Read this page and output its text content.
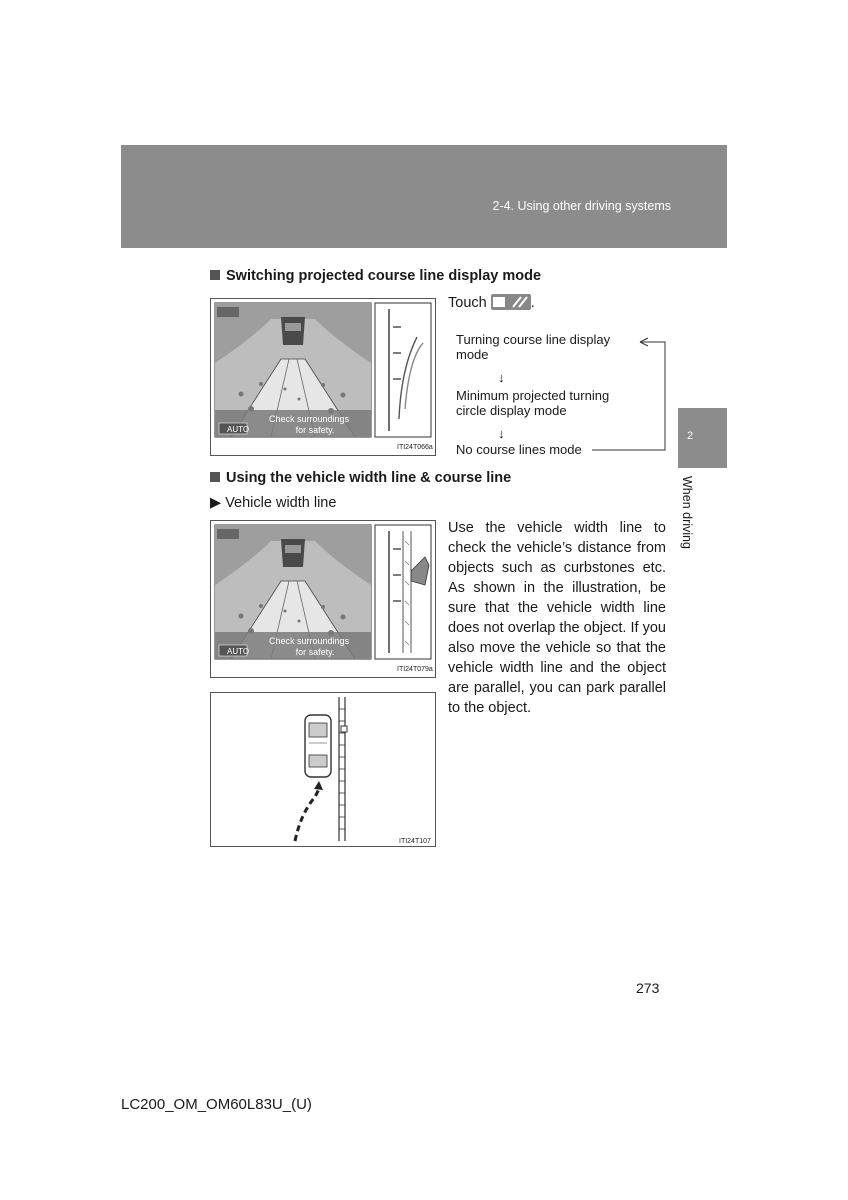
2-4. Using other driving systems
2
When driving
Switching projected course line display mode
AUTO
Check surroundings
for safety.
ITI24T066a
Touch	.
Turning course line display
mode
↓
Minimum projected turning
circle display mode
↓
No course lines mode
Using the vehicle width line & course line
▶ Vehicle width line
AUTO
Check surroundings
for safety.
ITI24T079a
ITI24T107
Use the vehicle width line to check the vehicle’s distance from objects such as curbstones etc. As shown in the illustration, be sure that the vehicle width line does not overlap the object. If you also move the vehicle so that the vehicle width line and the object are parallel, you can park parallel to the object.
273
LC200_OM_OM60L83U_(U)
